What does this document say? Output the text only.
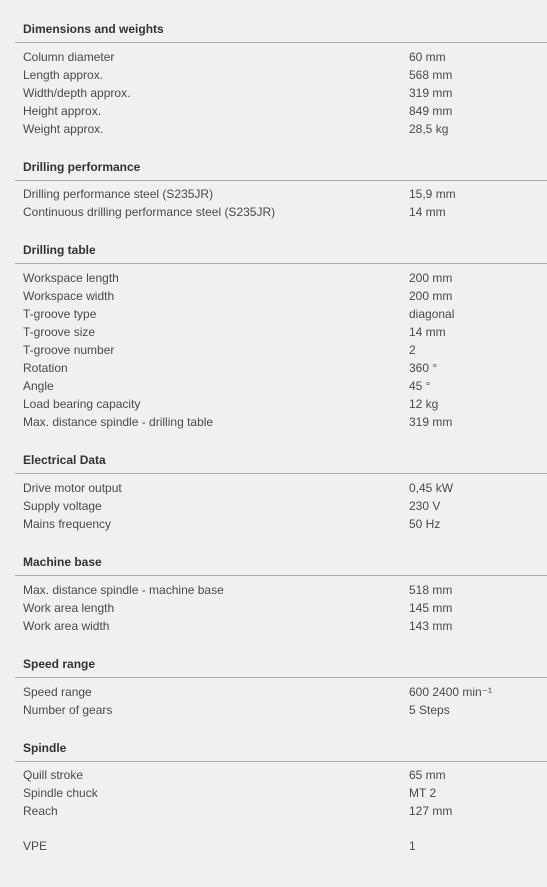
Dimensions and weights
Column diameter	60 mm
Length approx.	568 mm
Width/depth approx.	319 mm
Height approx.	849 mm
Weight approx.	28,5 kg
Drilling performance
Drilling performance steel (S235JR)	15,9 mm
Continuous drilling performance steel (S235JR)	14 mm
Drilling table
Workspace length	200 mm
Workspace width	200 mm
T-groove type	diagonal
T-groove size	14 mm
T-groove number	2
Rotation	360 °
Angle	45 °
Load bearing capacity	12 kg
Max. distance spindle - drilling table	319 mm
Electrical Data
Drive motor output	0,45 kW
Supply voltage	230 V
Mains frequency	50 Hz
Machine base
Max. distance spindle - machine base	518 mm
Work area length	145 mm
Work area width	143 mm
Speed range
Speed range	600 2400 min⁻¹
Number of gears	5 Steps
Spindle
Quill stroke	65 mm
Spindle chuck	MT 2
Reach	127 mm
VPE	1
